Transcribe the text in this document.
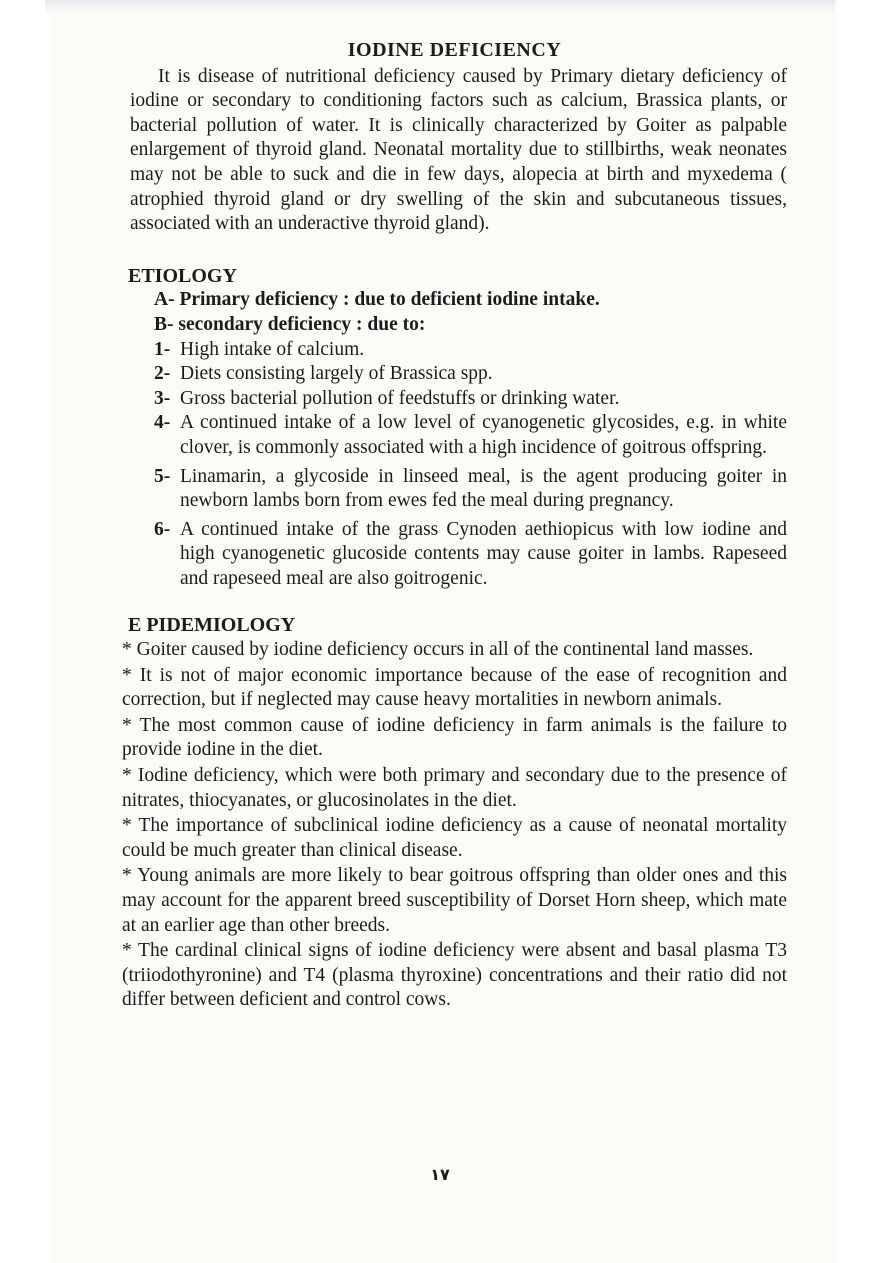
IODINE DEFICIENCY

It is disease of nutritional deficiency caused by Primary dietary deficiency of iodine or secondary to conditioning factors such as calcium, Brassica plants, or bacterial pollution of water. It is clinically characterized by Goiter as palpable enlargement of thyroid gland. Neonatal mortality due to stillbirths, weak neonates may not be able to suck and die in few days, alopecia at birth and myxedema ( atrophied thyroid gland or dry swelling of the skin and subcutaneous tissues, associated with an underactive thyroid gland).

ETIOLOGY

A- Primary deficiency : due to deficient iodine intake.

B- secondary deficiency : due to:

1- High intake of calcium.
2- Diets consisting largely of Brassica spp.
3- Gross bacterial pollution of feedstuffs or drinking water.
4- A continued intake of a low level of cyanogenetic glycosides, e.g. in white clover, is commonly associated with a high incidence of goitrous offspring.
5- Linamarin, a glycoside in linseed meal, is the agent producing goiter in newborn lambs born from ewes fed the meal during pregnancy.
6- A continued intake of the grass Cynoden aethiopicus with low iodine and high cyanogenetic glucoside contents may cause goiter in lambs. Rapeseed and rapeseed meal are also goitrogenic.
E PIDEMIOLOGY
* Goiter caused by iodine deficiency occurs in all of the continental land masses.
* It is not of major economic importance because of the ease of recognition and correction, but if neglected may cause heavy mortalities in newborn animals.
* The most common cause of iodine deficiency in farm animals is the failure to provide iodine in the diet.
* Iodine deficiency, which were both primary and secondary due to the presence of nitrates, thiocyanates, or glucosinolates in the diet.
* The importance of subclinical iodine deficiency as a cause of neonatal mortality could be much greater than clinical disease.
* Young animals are more likely to bear goitrous offspring than older ones and this may account for the apparent breed susceptibility of Dorset Horn sheep, which mate at an earlier age than other breeds.
* The cardinal clinical signs of iodine deficiency were absent and basal plasma T3 (triiodothyronine) and T4 (plasma thyroxine) concentrations and their ratio did not differ between deficient and control cows.
١٧
